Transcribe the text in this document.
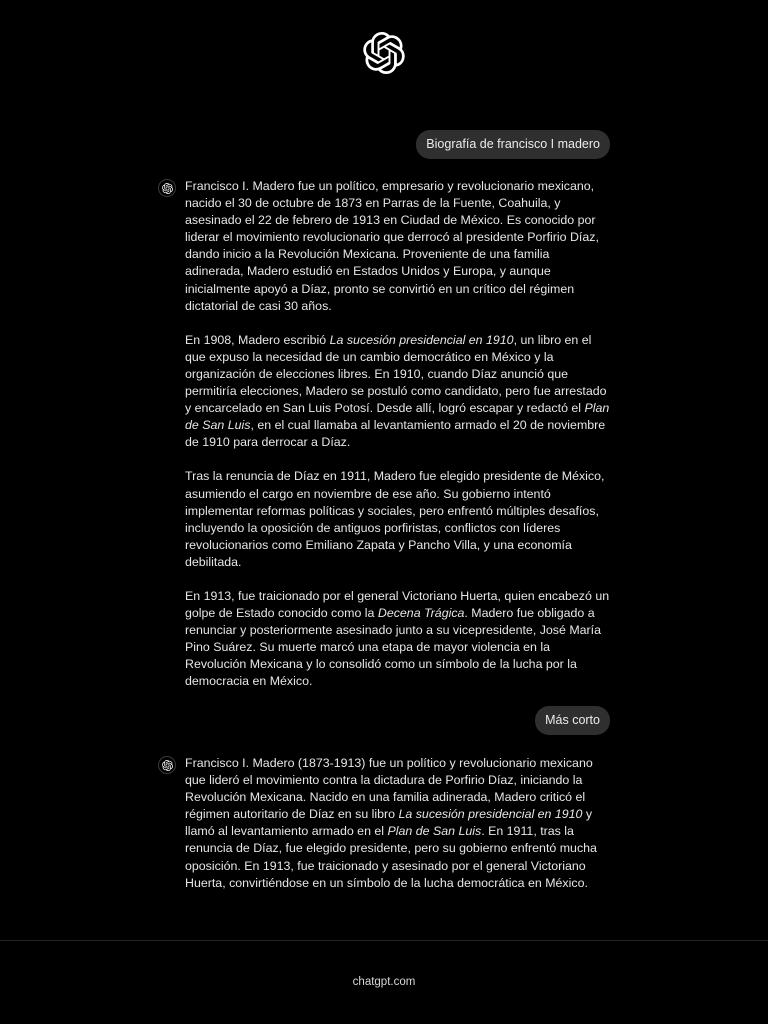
Biografía de francisco I madero

Francisco I. Madero fue un político, empresario y revolucionario mexicano, nacido el 30 de octubre de 1873 en Parras de la Fuente, Coahuila, y asesinado el 22 de febrero de 1913 en Ciudad de México. Es conocido por liderar el movimiento revolucionario que derrocó al presidente Porfirio Díaz, dando inicio a la Revolución Mexicana. Proveniente de una familia adinerada, Madero estudió en Estados Unidos y Europa, y aunque inicialmente apoyó a Díaz, pronto se convirtió en un crítico del régimen dictatorial de casi 30 años.

En 1908, Madero escribió La sucesión presidencial en 1910, un libro en el que expuso la necesidad de un cambio democrático en México y la organización de elecciones libres. En 1910, cuando Díaz anunció que permitiría elecciones, Madero se postuló como candidato, pero fue arrestado y encarcelado en San Luis Potosí. Desde allí, logró escapar y redactó el Plan de San Luis, en el cual llamaba al levantamiento armado el 20 de noviembre de 1910 para derrocar a Díaz.

Tras la renuncia de Díaz en 1911, Madero fue elegido presidente de México, asumiendo el cargo en noviembre de ese año. Su gobierno intentó implementar reformas políticas y sociales, pero enfrentó múltiples desafíos, incluyendo la oposición de antiguos porfiristas, conflictos con líderes revolucionarios como Emiliano Zapata y Pancho Villa, y una economía debilitada.

En 1913, fue traicionado por el general Victoriano Huerta, quien encabezó un golpe de Estado conocido como la Decena Trágica. Madero fue obligado a renunciar y posteriormente asesinado junto a su vicepresidente, José María Pino Suárez. Su muerte marcó una etapa de mayor violencia en la Revolución Mexicana y lo consolidó como un símbolo de la lucha por la democracia en México.

Más corto

Francisco I. Madero (1873-1913) fue un político y revolucionario mexicano que lideró el movimiento contra la dictadura de Porfirio Díaz, iniciando la Revolución Mexicana. Nacido en una familia adinerada, Madero criticó el régimen autoritario de Díaz en su libro La sucesión presidencial en 1910 y llamó al levantamiento armado en el Plan de San Luis. En 1911, tras la renuncia de Díaz, fue elegido presidente, pero su gobierno enfrentó mucha oposición. En 1913, fue traicionado y asesinado por el general Victoriano Huerta, convirtiéndose en un símbolo de la lucha democrática en México.

chatgpt.com
